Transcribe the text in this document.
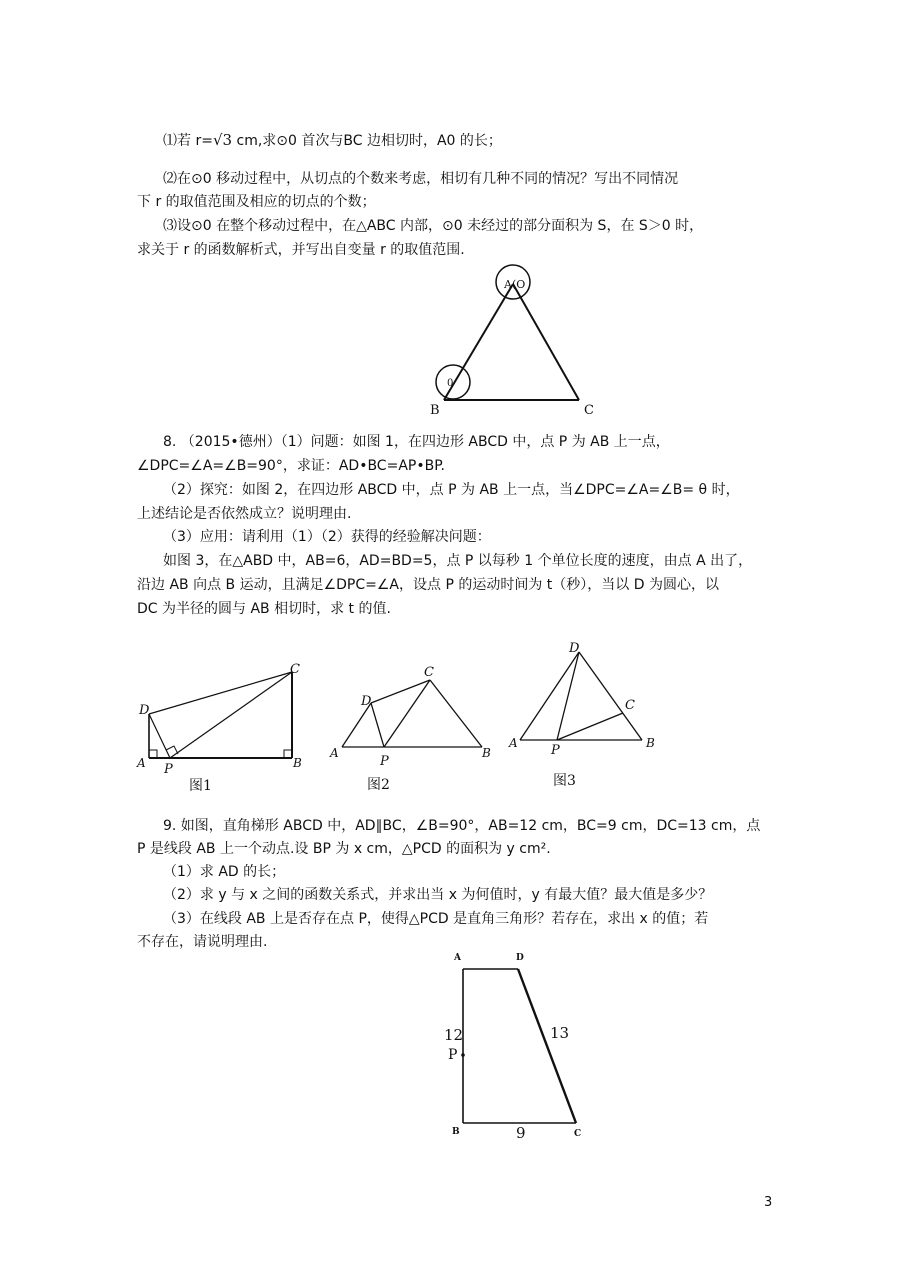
⑴若 r=√3 cm,求⊙0 首次与BC 边相切时，A0 的长；
⑵在⊙0 移动过程中，从切点的个数来考虑，相切有几种不同的情况？写出不同情况
下 r 的取值范围及相应的切点的个数；
⑶设⊙0 在整个移动过程中，在△ABC 内部，⊙0 未经过的部分面积为 S，在 S＞0 时，
求关于 r 的函数解析式，并写出自变量 r 的取值范围.
A(O
0
B	C
8. （2015•德州）（1）问题：如图 1，在四边形 ABCD 中，点 P 为 AB 上一点，
∠DPC=∠A=∠B=90°，求证：AD•BC=AP•BP.
（2）探究：如图 2，在四边形 ABCD 中，点 P 为 AB 上一点，当∠DPC=∠A=∠B= θ 时，
上述结论是否依然成立？说明理由.
（3）应用：请利用（1）（2）获得的经验解决问题：
如图 3，在△ABD 中，AB=6，AD=BD=5，点 P 以每秒 1 个单位长度的速度，由点 A 出了，
沿边 AB 向点 B 运动，且满足∠DPC=∠A，设点 P 的运动时间为 t（秒），当以 D 为圆心，以
DC 为半径的圆与 AB 相切时，求 t 的值.
D
C
A P	B
图1
D
C
A
P
B
图2
D
C
A	P	B
图3
9. 如图，直角梯形 ABCD 中，AD∥BC，∠B=90°，AB=12 cm，BC=9 cm，DC=13 cm，点
P 是线段 AB 上一个动点.设 BP 为 x cm，△PCD 的面积为 y cm².
（1）求 AD 的长；
（2）求 y 与 x 之间的函数关系式，并求出当 x 为何值时，y 有最大值？最大值是多少？
（3）在线段 AB 上是否存在点 P，使得△PCD 是直角三角形？若存在，求出 x 的值；若
不存在，请说明理由.
A	D
B	C
P
12	13
9
3
